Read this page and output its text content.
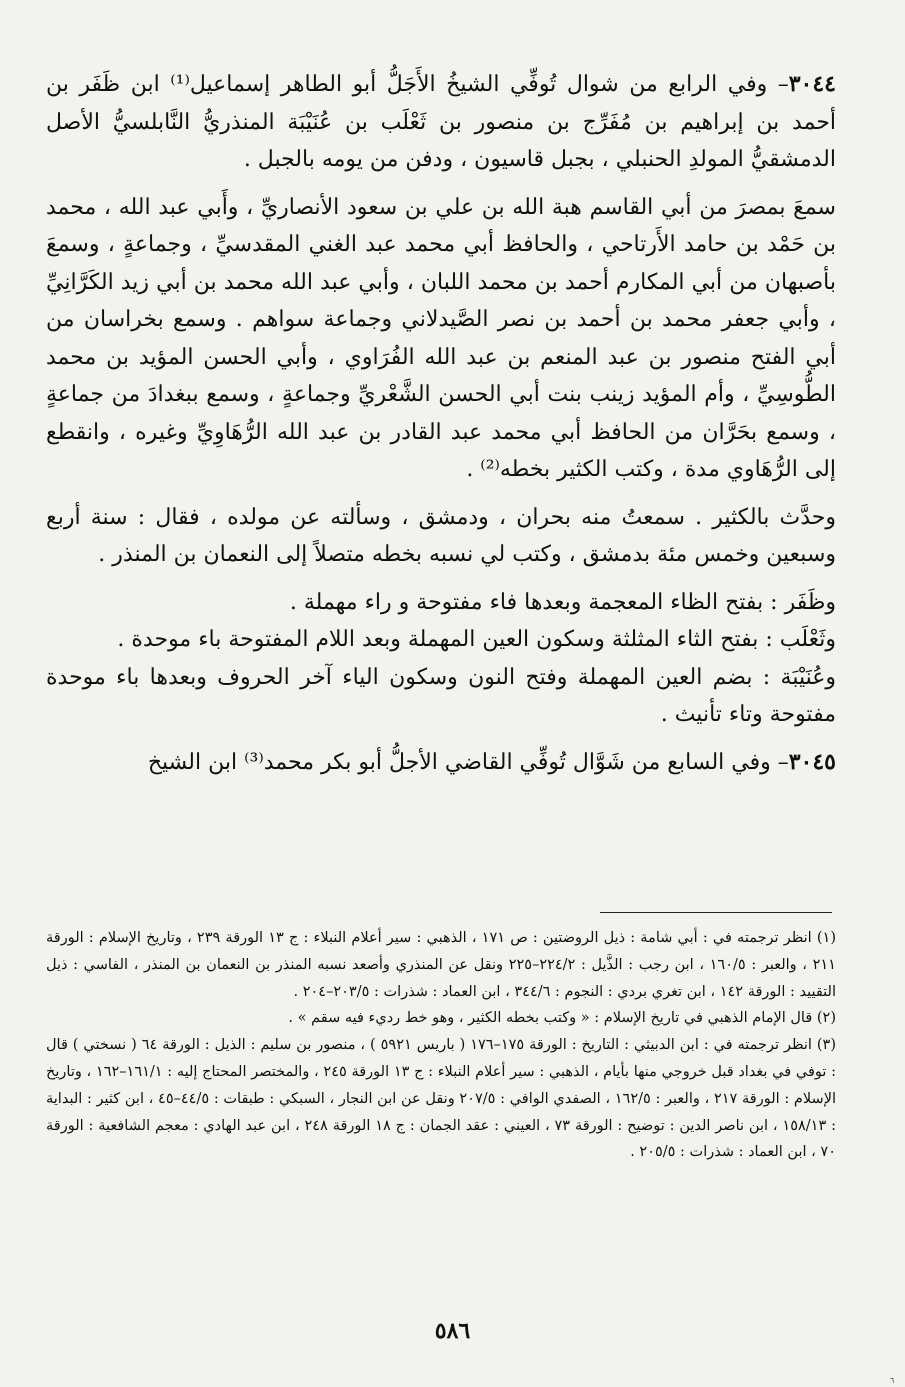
٣٠٤٤– وفي الرابع من شوال تُوفِّي الشيخُ الأَجَلُّ أبو الطاهر إسماعيل⁽¹⁾ ابن ظَفَر بن أحمد بن إبراهيم بن مُفَرِّج بن منصور بن ثَعْلَب بن عُنَيْبَة المنذريُّ النَّابلسيُّ الأصل الدمشقيُّ المولدِ الحنبلي ، بجبل قاسيون ، ودفن من يومه بالجبل .

سمعَ بمصرَ من أبي القاسم هبة الله بن علي بن سعود الأنصاريِّ ، وأَبي عبد الله ، محمد بن حَمْد بن حامد الأَرتاحي ، والحافظ أبي محمد عبد الغني المقدسيِّ ، وجماعةٍ ، وسمعَ بأصبهان من أبي المكارم أحمد بن محمد اللبان ، وأبي عبد الله محمد بن أبي زيد الكَرَّانِيِّ ، وأبي جعفر محمد بن أحمد بن نصر الصَّيدلاني وجماعة سواهم . وسمع بخراسان من أبي الفتح منصور بن عبد المنعم بن عبد الله الفُرَاوي ، وأبي الحسن المؤيد بن محمد الطُّوسِيِّ ، وأم المؤيد زينب بنت أبي الحسن الشَّعْريِّ وجماعةٍ ، وسمع ببغدادَ من جماعةٍ ، وسمع بحَرَّان من الحافظ أبي محمد عبد القادر بن عبد الله الرُّهَاوِيِّ وغيره ، وانقطع إلى الرُّهَاوي مدة ، وكتب الكثير بخطه⁽²⁾ .

وحدَّث بالكثير . سمعتُ منه بحران ، ودمشق ، وسألته عن مولده ، فقال : سنة أربع وسبعين وخمس مئة بدمشق ، وكتب لي نسبه بخطه متصلاً إلى النعمان بن المنذر .

وظَفَر : بفتح الظاء المعجمة وبعدها فاء مفتوحة و راء مهملة .

وثَعْلَب : بفتح الثاء المثلثة وسكون العين المهملة وبعد اللام المفتوحة باء موحدة .

وعُنَيْبَة : بضم العين المهملة وفتح النون وسكون الياء آخر الحروف وبعدها باء موحدة مفتوحة وتاء تأنيث .

٣٠٤٥– وفي السابع من شَوَّال تُوفِّي القاضي الأجلُّ أبو بكر محمد⁽³⁾ ابن الشيخ

(١) انظر ترجمته في : أبي شامة : ذيل الروضتين : ص ١٧١ ، الذهبي : سير أعلام النبلاء : ج ١٣ الورقة ٢٣٩ ، وتاريخ الإسلام : الورقة ٢١١ ، والعبر : ١٦٠/٥ ، ابن رجب : الذَّيل : ٢٢٤/٢–٢٢٥ ونقل عن المنذري وأصعد نسبه المنذر بن النعمان بن المنذر ، الفاسي : ذيل التقييد : الورقة ١٤٢ ، ابن تغري بردي : النجوم : ٣٤٤/٦ ، ابن العماد : شذرات : ٢٠٣/٥–٢٠٤ .

(٢) قال الإمام الذهبي في تاريخ الإسلام : « وكتب بخطه الكثير ، وهو خط رديء فيه سقم » .

(٣) انظر ترجمته في : ابن الدبيثي : التاريخ : الورقة ١٧٥–١٧٦ ( باريس ٥٩٢١ ) ، منصور بن سليم : الذيل : الورقة ٦٤ ( نسختي ) قال : توفي في بغداد قبل خروجي منها بأيام ، الذهبي : سير أعلام النبلاء : ج ١٣ الورقة ٢٤٥ ، والمختصر المحتاج إليه : ١٦١/١–١٦٢ ، وتاريخ الإسلام : الورقة ٢١٧ ، والعبر : ١٦٢/٥ ، الصفدي الوافي : ٢٠٧/٥ ونقل عن ابن النجار ، السبكي : طبقات : ٤٤/٥–٤٥ ، ابن كثير : البداية : ١٥٨/١٣ ، ابن ناصر الدين : توضيح : الورقة ٧٣ ، العيني : عقد الجمان : ج ١٨ الورقة ٢٤٨ ، ابن عبد الهادي : معجم الشافعية : الورقة ٧٠ ، ابن العماد : شذرات : ٢٠٥/٥ .

٥٨٦
٦
